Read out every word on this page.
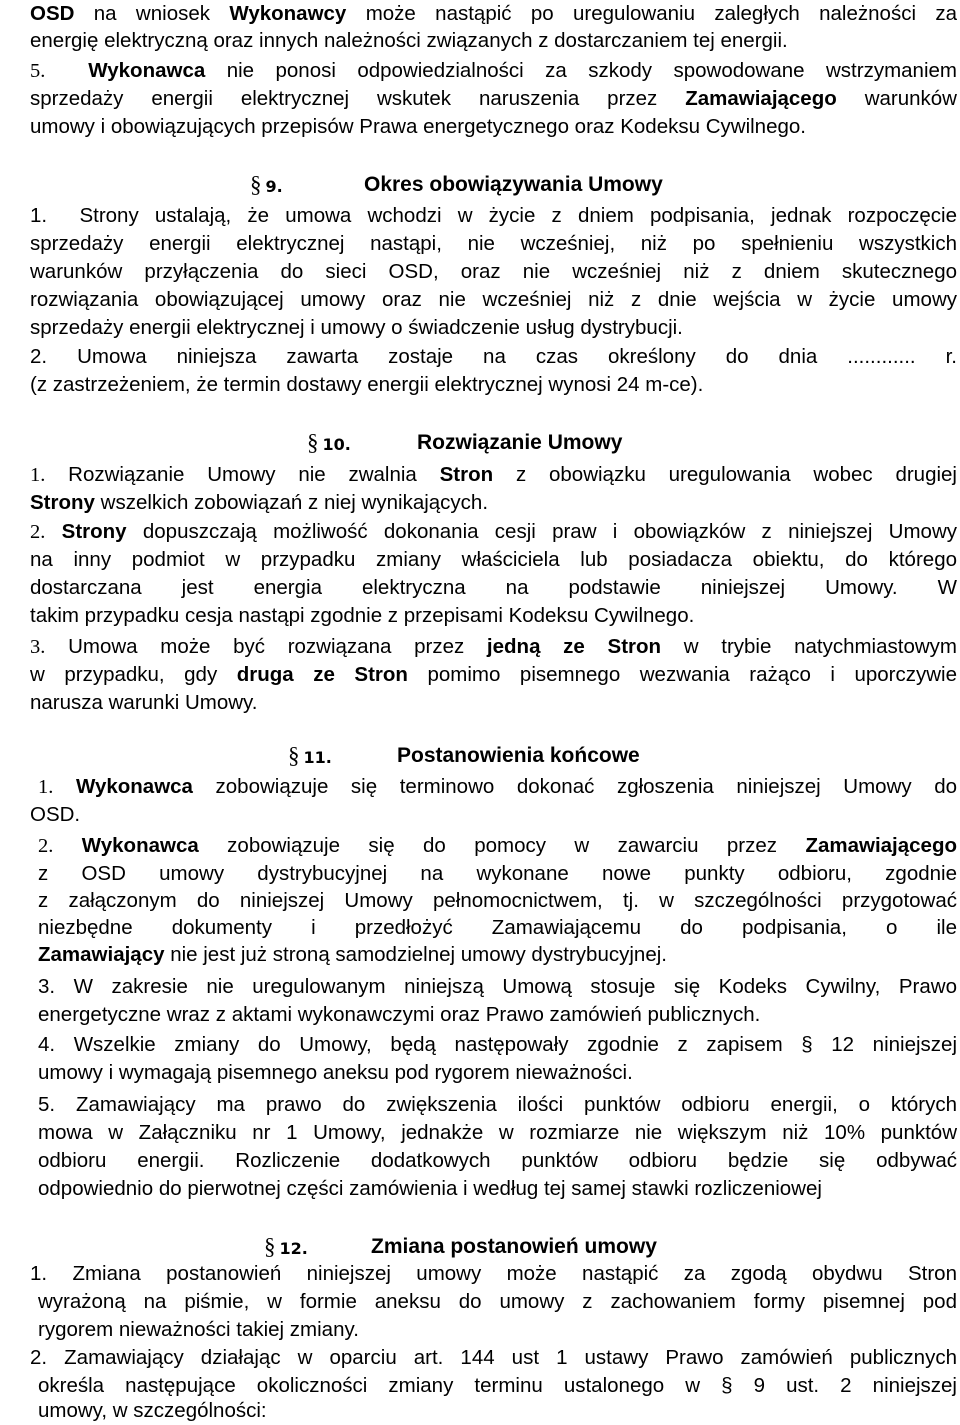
OSD na wniosek Wykonawcy może nastąpić po uregulowaniu zaległych należności za
energię elektryczną oraz innych należności związanych z dostarczaniem tej energii.
5. Wykonawca nie ponosi odpowiedzialności za szkody spowodowane wstrzymaniem
sprzedaży energii elektrycznej wskutek naruszenia przez Zamawiającego warunków
umowy i obowiązujących przepisów Prawa energetycznego oraz Kodeksu Cywilnego.
§ 9.	Okres obowiązywania Umowy
1. Strony ustalają, że umowa wchodzi w życie z dniem podpisania, jednak rozpoczęcie
sprzedaży energii elektrycznej nastąpi, nie wcześniej, niż po spełnieniu wszystkich
warunków przyłączenia do sieci OSD, oraz nie wcześniej niż z dniem skutecznego
rozwiązania obowiązującej umowy oraz nie wcześniej niż z dnie wejścia w życie umowy
sprzedaży energii elektrycznej i umowy o świadczenie usług dystrybucji.
2. Umowa niniejsza zawarta zostaje na czas określony do dnia ............ r.
(z zastrzeżeniem, że termin dostawy energii elektrycznej wynosi 24 m-ce).
§ 10.	Rozwiązanie Umowy
1. Rozwiązanie Umowy nie zwalnia Stron z obowiązku uregulowania wobec drugiej
Strony wszelkich zobowiązań z niej wynikających.
2. Strony dopuszczają możliwość dokonania cesji praw i obowiązków z niniejszej Umowy
na inny podmiot w przypadku zmiany właściciela lub posiadacza obiektu, do którego
dostarczana jest energia elektryczna na podstawie niniejszej Umowy. W
takim przypadku cesja nastąpi zgodnie z przepisami Kodeksu Cywilnego.
3. Umowa może być rozwiązana przez jedną ze Stron w trybie natychmiastowym
w przypadku, gdy druga ze Stron pomimo pisemnego wezwania rażąco i uporczywie
narusza warunki Umowy.
§ 11.	Postanowienia końcowe
1. Wykonawca zobowiązuje się terminowo dokonać zgłoszenia niniejszej Umowy do
OSD.
2. Wykonawca zobowiązuje się do pomocy w zawarciu przez Zamawiającego
z OSD umowy dystrybucyjnej na wykonane nowe punkty odbioru, zgodnie
z załączonym do niniejszej Umowy pełnomocnictwem, tj. w szczególności przygotować
niezbędne dokumenty i przedłożyć Zamawiającemu do podpisania, o ile
Zamawiający nie jest już stroną samodzielnej umowy dystrybucyjnej.
3. W zakresie nie uregulowanym niniejszą Umową stosuje się Kodeks Cywilny, Prawo
energetyczne wraz z aktami wykonawczymi oraz Prawo zamówień publicznych.
4. Wszelkie zmiany do Umowy, będą następowały zgodnie z zapisem § 12 niniejszej
umowy i wymagają pisemnego aneksu pod rygorem nieważności.
5. Zamawiający ma prawo do zwiększenia ilości punktów odbioru energii, o których
mowa w Załączniku nr 1 Umowy, jednakże w rozmiarze nie większym niż 10% punktów
odbioru energii. Rozliczenie dodatkowych punktów odbioru będzie się odbywać
odpowiednio do pierwotnej części zamówienia i według tej samej stawki rozliczeniowej
§ 12.	Zmiana postanowień umowy
1. Zmiana postanowień niniejszej umowy może nastąpić za zgodą obydwu Stron
wyrażoną na piśmie, w formie aneksu do umowy z zachowaniem formy pisemnej pod
rygorem nieważności takiej zmiany.
2. Zamawiający działając w oparciu art. 144 ust 1 ustawy Prawo zamówień publicznych
określa następujące okoliczności zmiany terminu ustalonego w § 9 ust. 2 niniejszej
umowy, w szczególności:
